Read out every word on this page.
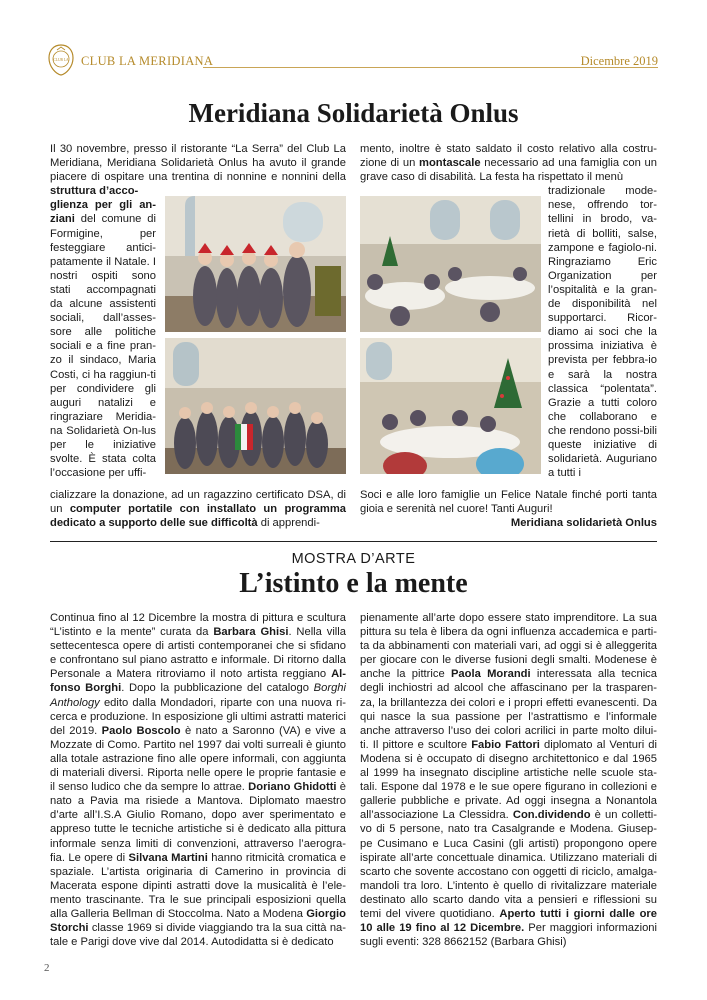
CLUB LA CLUB LA MERIDIANA	Dicembre 2019
Meridiana Solidarietà Onlus

Il 30 novembre, presso il ristorante “La Serra” del Club La Meridiana, Meridiana Solidarietà Onlus ha avuto il grande piacere di ospitare una trentina di nonnine e nonnini della struttura d’acco-

glienza per gli an-ziani del comune di Formigine, per festeggiare antici-patamente il Natale. I nostri ospiti sono stati accompagnati da alcune assistenti sociali, dall’asses-sore alle politiche sociali e a fine pran-zo il sindaco, Maria Costi, ci ha raggiun-ti per condividere gli auguri natalizi e ringraziare Meridia-na Solidarietà On-lus per le iniziative svolte. È stata colta l’occasione per uffi-

mento, inoltre è stato saldato il costo relativo alla costru-zione di un montascale necessario ad una famiglia con un grave caso di disabilità. La festa ha rispettato il menù

tradizionale mode-nese, offrendo tor-tellini in brodo, va-rietà di bolliti, salse, zampone e fagiolo-ni. Ringraziamo Eric Organization per l’ospitalità e la gran-de disponibilità nel supportarci. Ricor-diamo ai soci che la prossima iniziativa è prevista per febbra-io e sarà la nostra classica “polentata”. Grazie a tutti coloro che collaborano e che rendono possi-bili queste iniziative di solidarietà. Auguriano a tutti i

cializzare la donazione, ad un ragazzino certificato DSA, di un computer portatile con installato un programma dedicato a supporto delle sue difficoltà di apprendi-

Soci e alle loro famiglie un Felice Natale finché porti tanta gioia e serenità nel cuore! Tanti Auguri!

Meridiana solidarietà Onlus

MOSTRA D’ARTE
L’istinto e la mente

Continua fino al 12 Dicembre la mostra di pittura e scultura “L’istinto e la mente” curata da Barbara Ghisi. Nella villa settecentesca opere di artisti contemporanei che si sfidano e confrontano sul piano astratto e informale. Di ritorno dalla Personale a Matera ritroviamo il noto artista reggiano Al-fonso Borghi. Dopo la pubblicazione del catalogo Borghi Anthology edito dalla Mondadori, riparte con una nuova ri-cerca e produzione. In esposizione gli ultimi astratti materici del 2019. Paolo Boscolo è nato a Saronno (VA) e vive a Mozzate di Como. Partito nel 1997 dai volti surreali è giunto alla totale astrazione fino alle opere informali, con aggiunta di materiali diversi. Riporta nelle opere le proprie fantasie e il senso ludico che da sempre lo attrae. Doriano Ghidotti è nato a Pavia ma risiede a Mantova. Diplomato maestro d’arte all’I.S.A Giulio Romano, dopo aver sperimentato e appreso tutte le tecniche artistiche si è dedicato alla pittura informale senza limiti di convenzioni, attraverso l’aerogra-fia. Le opere di Silvana Martini hanno ritmicità cromatica e spaziale. L’artista originaria di Camerino in provincia di Macerata espone dipinti astratti dove la musicalità è l’ele-mento trascinante. Tra le sue principali esposizioni quella alla Galleria Bellman di Stoccolma. Nato a Modena Giorgio Storchi classe 1969 si divide viaggiando tra la sua città na-tale e Parigi dove vive dal 2014. Autodidatta si è dedicato

pienamente all’arte dopo essere stato imprenditore. La sua pittura su tela è libera da ogni influenza accademica e parti-ta da abbinamenti con materiali vari, ad oggi si è alleggerita per giocare con le diverse fusioni degli smalti. Modenese è anche la pittrice Paola Morandi interessata alla tecnica degli inchiostri ad alcool che affascinano per la trasparen-za, la brillantezza dei colori e i propri effetti evanescenti. Da qui nasce la sua passione per l’astrattismo e l’informale anche attraverso l’uso dei colori acrilici in parte molto dilui-ti. Il pittore e scultore Fabio Fattori diplomato al Venturi di Modena si è occupato di disegno architettonico e dal 1965 al 1999 ha insegnato discipline artistiche nelle scuole sta-tali. Espone dal 1978 e le sue opere figurano in collezioni e gallerie pubbliche e private. Ad oggi insegna a Nonantola all’associazione La Clessidra. Con.dividendo è un colletti-vo di 5 persone, nato tra Casalgrande e Modena. Giusep-pe Cusimano e Luca Casini (gli artisti) propongono opere ispirate all’arte concettuale dinamica. Utilizzano materiali di scarto che sovente accostano con oggetti di riciclo, amalga-mandoli tra loro. L’intento è quello di rivitalizzare materiale destinato allo scarto dando vita a pensieri e riflessioni su temi del vivere quotidiano. Aperto tutti i giorni dalle ore 10 alle 19 fino al 12 Dicembre. Per maggiori informazioni sugli eventi: 328 8662152 (Barbara Ghisi)

2
